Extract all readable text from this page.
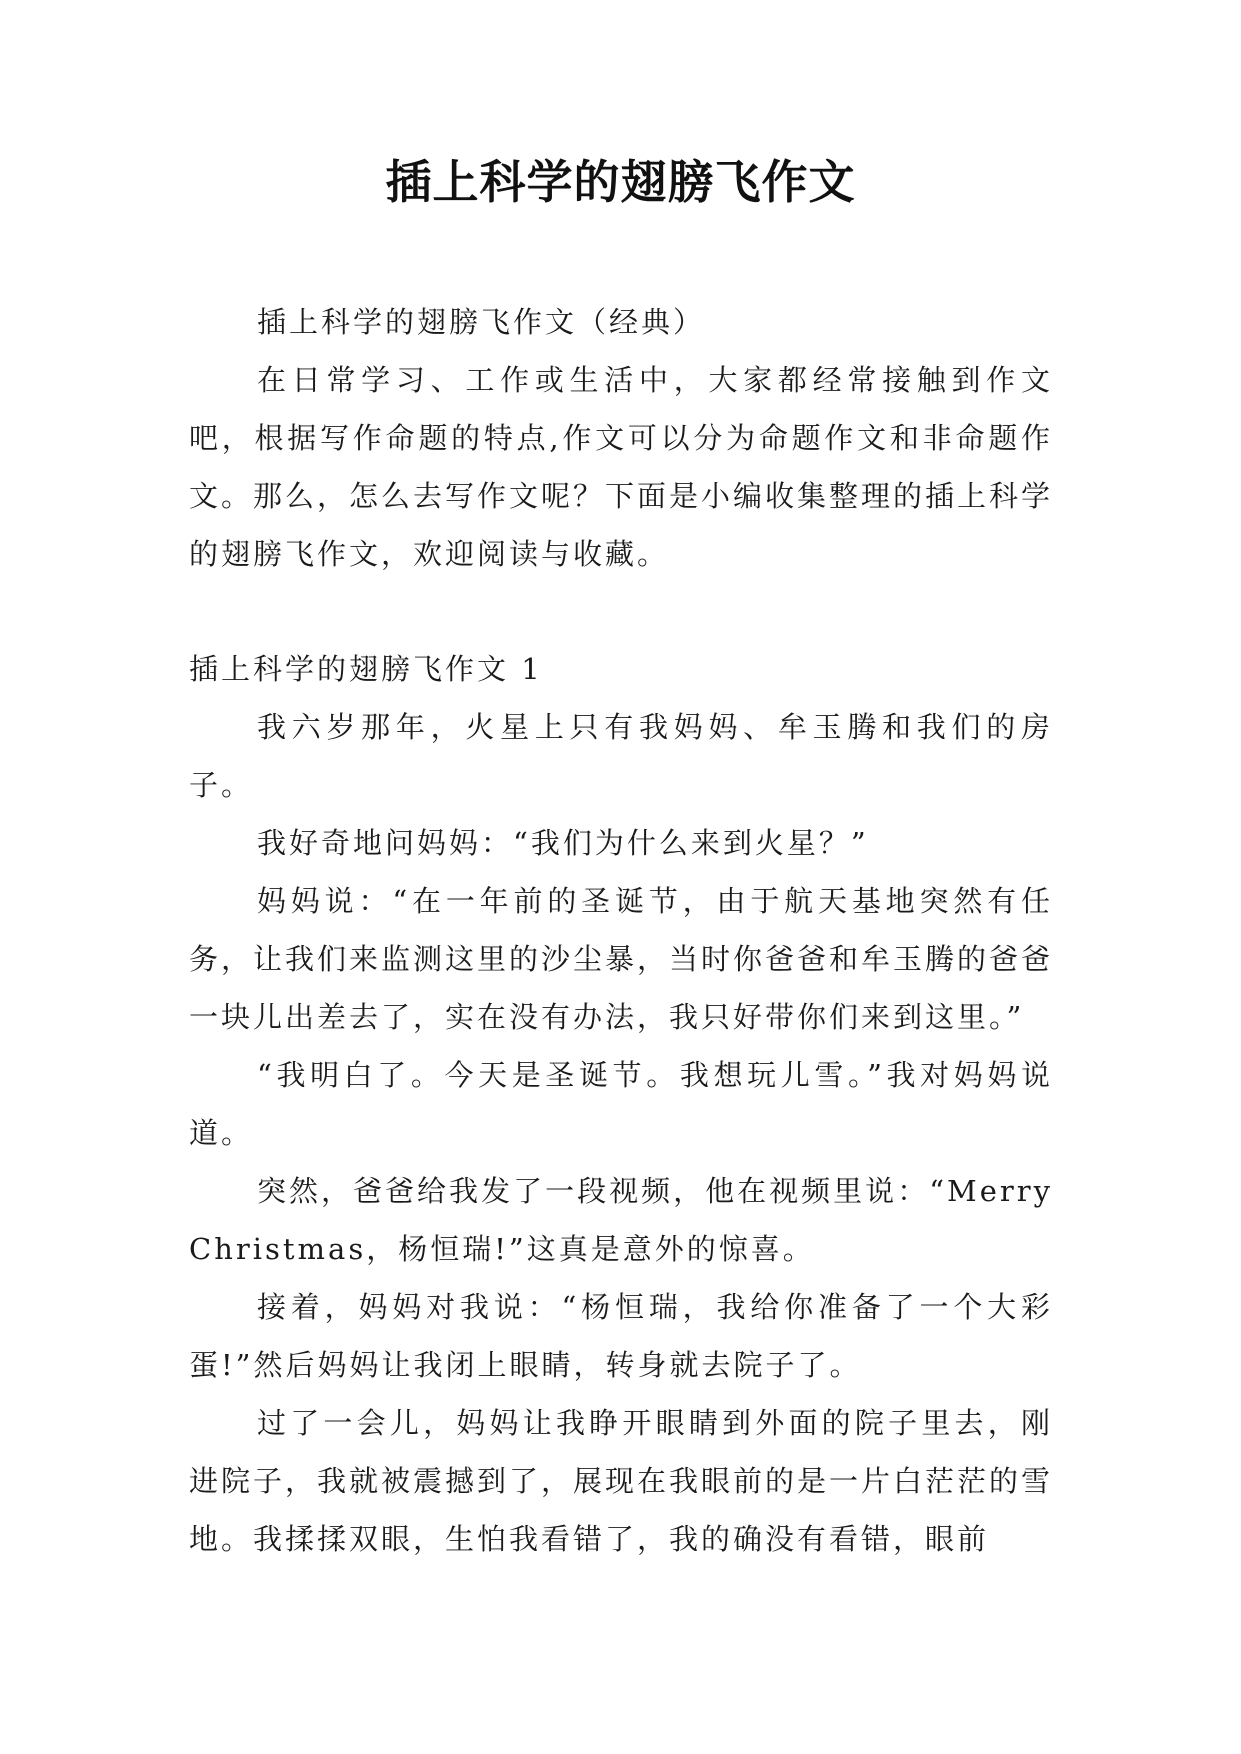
插上科学的翅膀飞作文

插上科学的翅膀飞作文（经典）

在日常学习、工作或生活中，大家都经常接触到作文吧，根据写作命题的特点,作文可以分为命题作文和非命题作文。那么，怎么去写作文呢？下面是小编收集整理的插上科学的翅膀飞作文，欢迎阅读与收藏。

插上科学的翅膀飞作文 1

我六岁那年，火星上只有我妈妈、牟玉腾和我们的房子。

我好奇地问妈妈：“我们为什么来到火星？”

妈妈说：“在一年前的圣诞节，由于航天基地突然有任务，让我们来监测这里的沙尘暴，当时你爸爸和牟玉腾的爸爸一块儿出差去了，实在没有办法，我只好带你们来到这里。”

“我明白了。今天是圣诞节。我想玩儿雪。”我对妈妈说道。

突然，爸爸给我发了一段视频，他在视频里说：“Merry Christmas，杨恒瑞!”这真是意外的惊喜。

接着，妈妈对我说：“杨恒瑞，我给你准备了一个大彩蛋!”然后妈妈让我闭上眼睛，转身就去院子了。

过了一会儿，妈妈让我睁开眼睛到外面的院子里去，刚进院子，我就被震撼到了，展现在我眼前的是一片白茫茫的雪地。我揉揉双眼，生怕我看错了，我的确没有看错，眼前
